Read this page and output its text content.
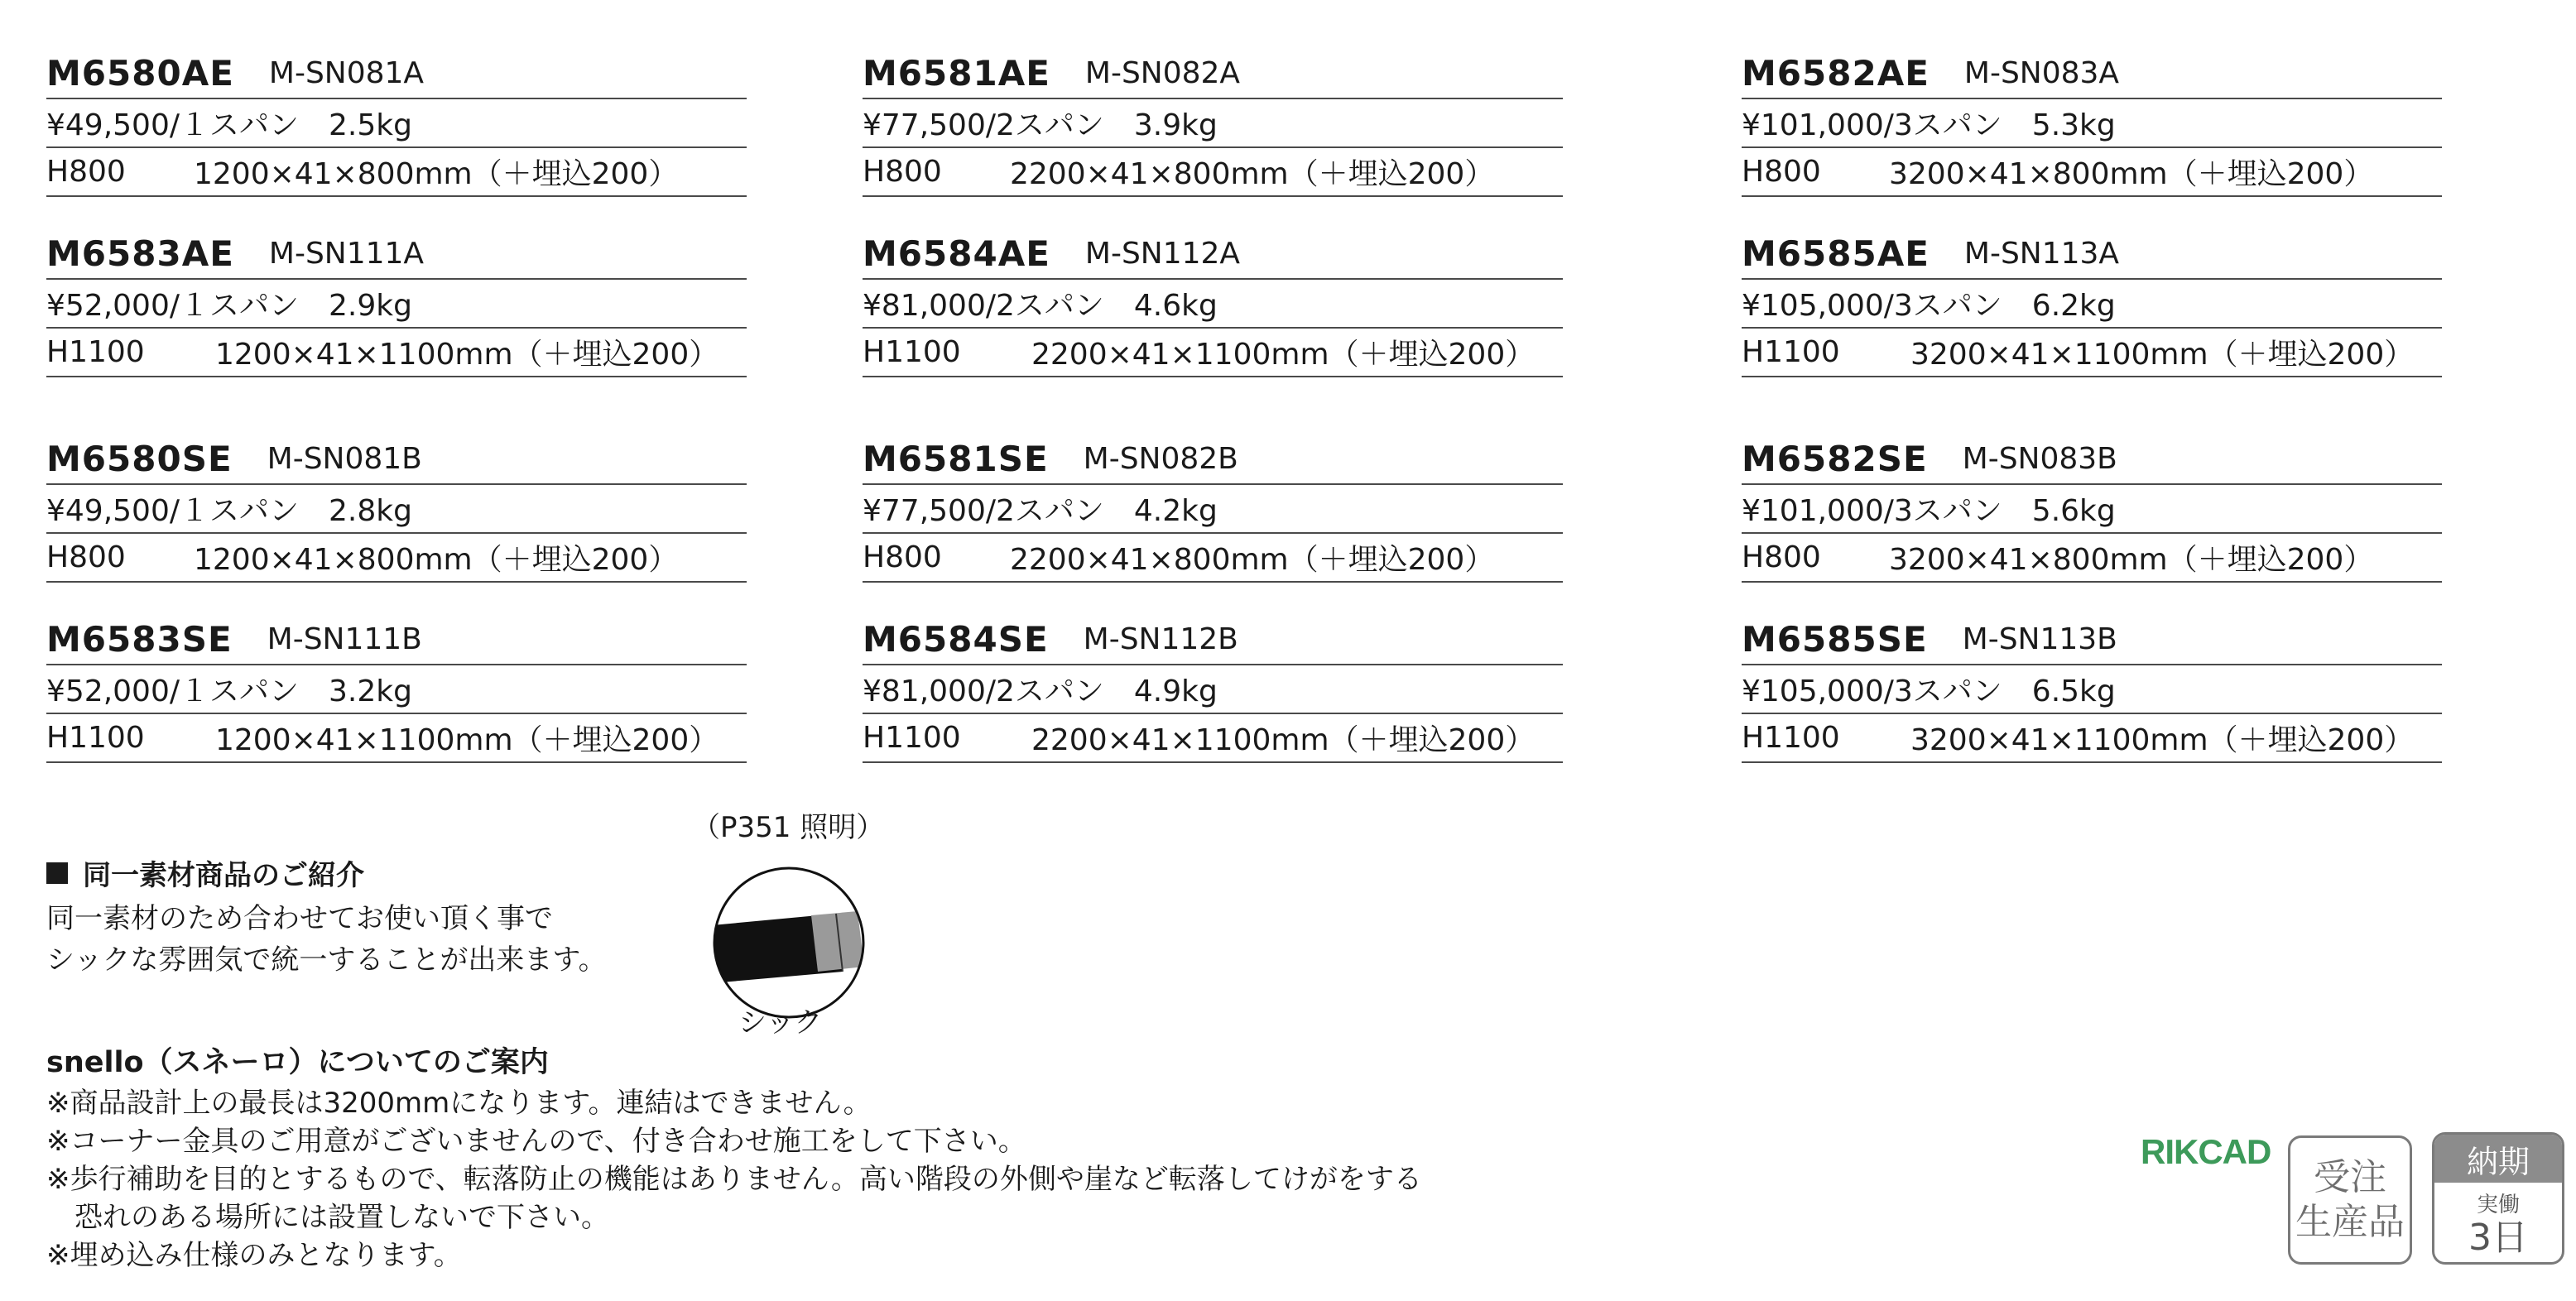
M6580AE M-SN081A
¥49,500/１スパン　2.5kg
H800	1200×41×800mm（＋埋込200）
M6583AE M-SN111A
¥52,000/１スパン　2.9kg
H1100	1200×41×1100mm（＋埋込200）
M6580SE M-SN081B
¥49,500/１スパン　2.8kg
H800	1200×41×800mm（＋埋込200）
M6583SE M-SN111B
¥52,000/１スパン　3.2kg
H1100	1200×41×1100mm（＋埋込200）
M6581AE M-SN082A
¥77,500/2スパン　3.9kg
H800	2200×41×800mm（＋埋込200）
M6584AE M-SN112A
¥81,000/2スパン　4.6kg
H1100	2200×41×1100mm（＋埋込200）
M6581SE M-SN082B
¥77,500/2スパン　4.2kg
H800	2200×41×800mm（＋埋込200）
M6584SE M-SN112B
¥81,000/2スパン　4.9kg
H1100	2200×41×1100mm（＋埋込200）
M6582AE M-SN083A
¥101,000/3スパン　5.3kg
H800	3200×41×800mm（＋埋込200）
M6585AE M-SN113A
¥105,000/3スパン　6.2kg
H1100	3200×41×1100mm（＋埋込200）
M6582SE M-SN083B
¥101,000/3スパン　5.6kg
H800	3200×41×800mm（＋埋込200）
M6585SE M-SN113B
¥105,000/3スパン　6.5kg
H1100	3200×41×1100mm（＋埋込200）
同一素材商品のご紹介
同一素材のため合わせてお使い頂く事で
シックな雰囲気で統一することが出来ます。
（P351 照明）
シック
snello（スネーロ）についてのご案内
※商品設計上の最長は3200mmになります。連結はできません。
※コーナー金具のご用意がございませんので、付き合わせ施工をして下さい。
※歩行補助を目的とするもので、転落防止の機能はありません。高い階段の外側や崖など転落してけがをする
　恐れのある場所には設置しないで下さい。
※埋め込み仕様のみとなります。
RIKCAD
受注
生産品
納期
実働
3日
